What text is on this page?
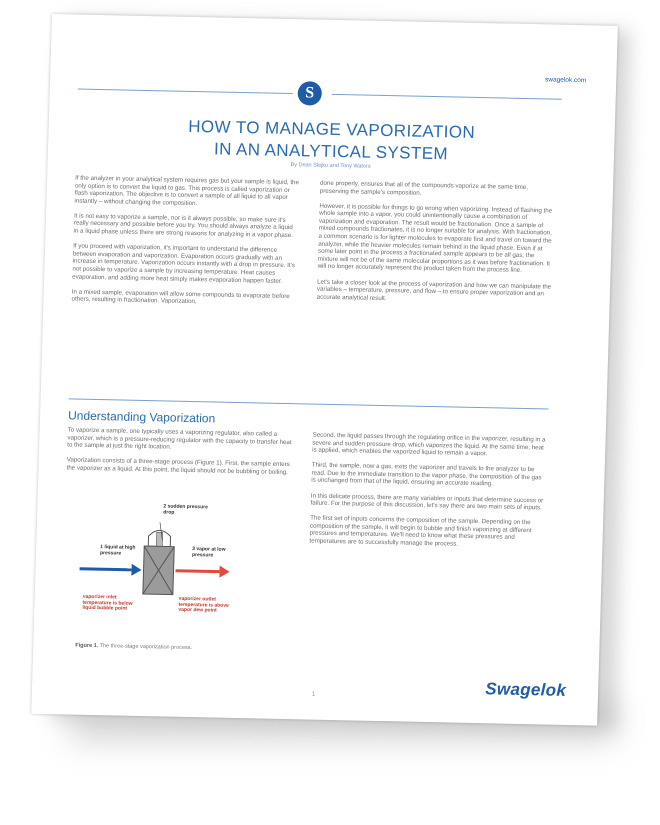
swagelok.com
S
HOW TO MANAGE VAPORIZATION
IN AN ANALYTICAL SYSTEM
By Dean Slejko and Tony Waters

If the analyzer in your analytical system requires gas but your sample is liquid, the only option is to convert the liquid to gas. This process is called vaporization or flash vaporization. The objective is to convert a sample of all liquid to all vapor instantly – without changing the composition.

It is not easy to vaporize a sample, nor is it always possible, so make sure it's really necessary and possible before you try. You should always analyze a liquid in a liquid phase unless there are strong reasons for analyzing in a vapor phase.

If you proceed with vaporization, it's important to understand the difference between evaporation and vaporization. Evaporation occurs gradually with an increase in temperature. Vaporization occurs instantly with a drop in pressure. It's not possible to vaporize a sample by increasing temperature. Heat causes evaporation, and adding more heat simply makes evaporation happen faster.

In a mixed sample, evaporation will allow some compounds to evaporate before others, resulting in fractionation. Vaporization,

done properly, ensures that all of the compounds vaporize at the same time, preserving the sample's composition.

However, it is possible for things to go wrong when vaporizing. Instead of flashing the whole sample into a vapor, you could unintentionally cause a combination of vaporization and evaporation. The result would be fractionation. Once a sample of mixed compounds fractionates, it is no longer suitable for analysis. With fractionation, a common scenario is for lighter molecules to evaporate first and travel on toward the analyzer, while the heavier molecules remain behind in the liquid phase. Even if at some later point in the process a fractionated sample appears to be all gas, the mixture will not be of the same molecular proportions as it was before fractionation. It will no longer accurately represent the product taken from the process line.

Let's take a closer look at the process of vaporization and how we can manipulate the variables – temperature, pressure, and flow – to ensure proper vaporization and an accurate analytical result.

Understanding Vaporization

To vaporize a sample, one typically uses a vaporizing regulator, also called a vaporizer, which is a pressure-reducing regulator with the capacity to transfer heat to the sample at just the right location.

Vaporization consists of a three-stage process (Figure 1). First, the sample enters the vaporizer as a liquid. At this point, the liquid should not be bubbling or boiling.

Second, the liquid passes through the regulating orifice in the vaporizer, resulting in a severe and sudden pressure drop, which vaporizes the liquid. At the same time, heat is applied, which enables the vaporized liquid to remain a vapor.

Third, the sample, now a gas, exits the vaporizer and travels to the analyzer to be read. Due to the immediate transition to the vapor phase, the composition of the gas is unchanged from that of the liquid, ensuring an accurate reading.

In this delicate process, there are many variables or inputs that determine success or failure. For the purpose of this discussion, let's say there are two main sets of inputs.

The first set of inputs concerns the composition of the sample. Depending on the composition of the sample, it will begin to bubble and finish vaporizing at different pressures and temperatures. We'll need to know what these pressures and temperatures are to successfully manage the process.

2 sudden pressure drop
1 liquid at high pressure
3 vapor at low pressure
vaporizer inlet temperature is below liquid bubble point
vaporizer outlet temperature is above vapor dew point
Figure 1. The three-stage vaporization process.
1	Swagelok
